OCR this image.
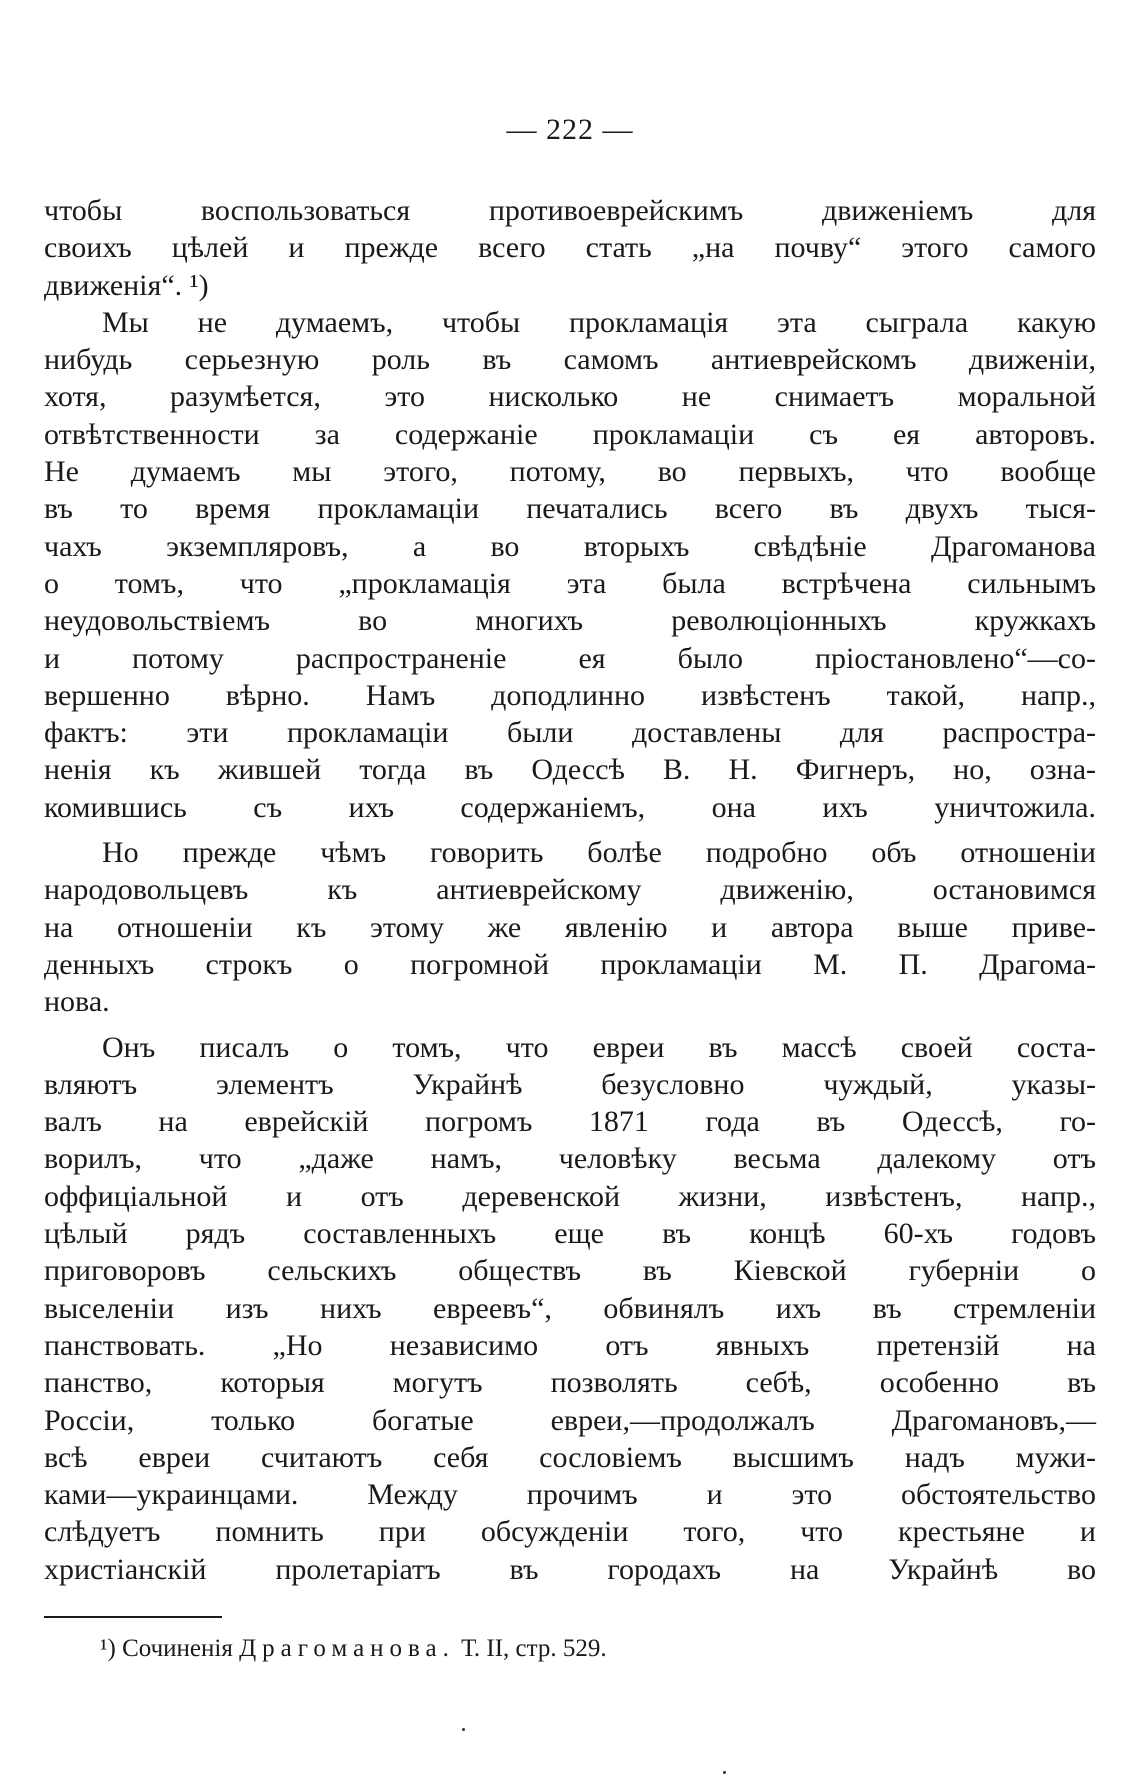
— 222 —
чтобы воспользоваться противоеврейскимъ движеніемъ для
своихъ цѣлей и прежде всего стать „на почву“ этого самого
движенія“. ¹)
Мы не думаемъ, чтобы прокламація эта сыграла какую
нибудь серьезную роль въ самомъ антиеврейскомъ движеніи,
хотя, разумѣется, это нисколько не снимаетъ моральной
отвѣтственности за содержаніе прокламаціи съ ея авторовъ.
Не думаемъ мы этого, потому, во первыхъ, что вообще
въ то время прокламаціи печатались всего въ двухъ тыся-
чахъ экземпляровъ, а во вторыхъ свѣдѣніе Драгоманова
о томъ, что „прокламація эта была встрѣчена сильнымъ
неудовольствіемъ во многихъ революціонныхъ кружкахъ
и потому распространеніе ея было пріостановлено“—со-
вершенно вѣрно. Намъ доподлинно извѣстенъ такой, напр.,
фактъ: эти прокламаціи были доставлены для распростра-
ненія къ жившей тогда въ Одессѣ В. Н. Фигнеръ, но, озна-
комившись съ ихъ содержаніемъ, она ихъ уничтожила.
Но прежде чѣмъ говорить болѣе подробно объ отношеніи
народовольцевъ къ антиеврейскому движенію, остановимся
на отношеніи къ этому же явленію и автора выше приве-
денныхъ строкъ о погромной прокламаціи М. П. Драгома-
нова.
Онъ писалъ о томъ, что евреи въ массѣ своей соста-
вляютъ элементъ Украйнѣ безусловно чуждый, указы-
валъ на еврейскій погромъ 1871 года въ Одессѣ, го-
ворилъ, что „даже намъ, человѣку весьма далекому отъ
оффиціальной и отъ деревенской жизни, извѣстенъ, напр.,
цѣлый рядъ составленныхъ еще въ концѣ 60-хъ годовъ
приговоровъ сельскихъ обществъ въ Кіевской губерніи о
выселеніи изъ нихъ евреевъ“, обвинялъ ихъ въ стремленіи
панствовать. „Но независимо отъ явныхъ претензій на
панство, которыя могутъ позволять себѣ, особенно въ
Россіи, только богатые евреи,—продолжалъ Драгомановъ,—
всѣ евреи считаютъ себя сословіемъ высшимъ надъ мужи-
ками—украинцами. Между прочимъ и это обстоятельство
слѣдуетъ помнить при обсужденіи того, что крестьяне и
христіанскій пролетаріатъ въ городахъ на Украйнѣ во
¹) Сочиненія Драгоманова. Т. II, стр. 529.
